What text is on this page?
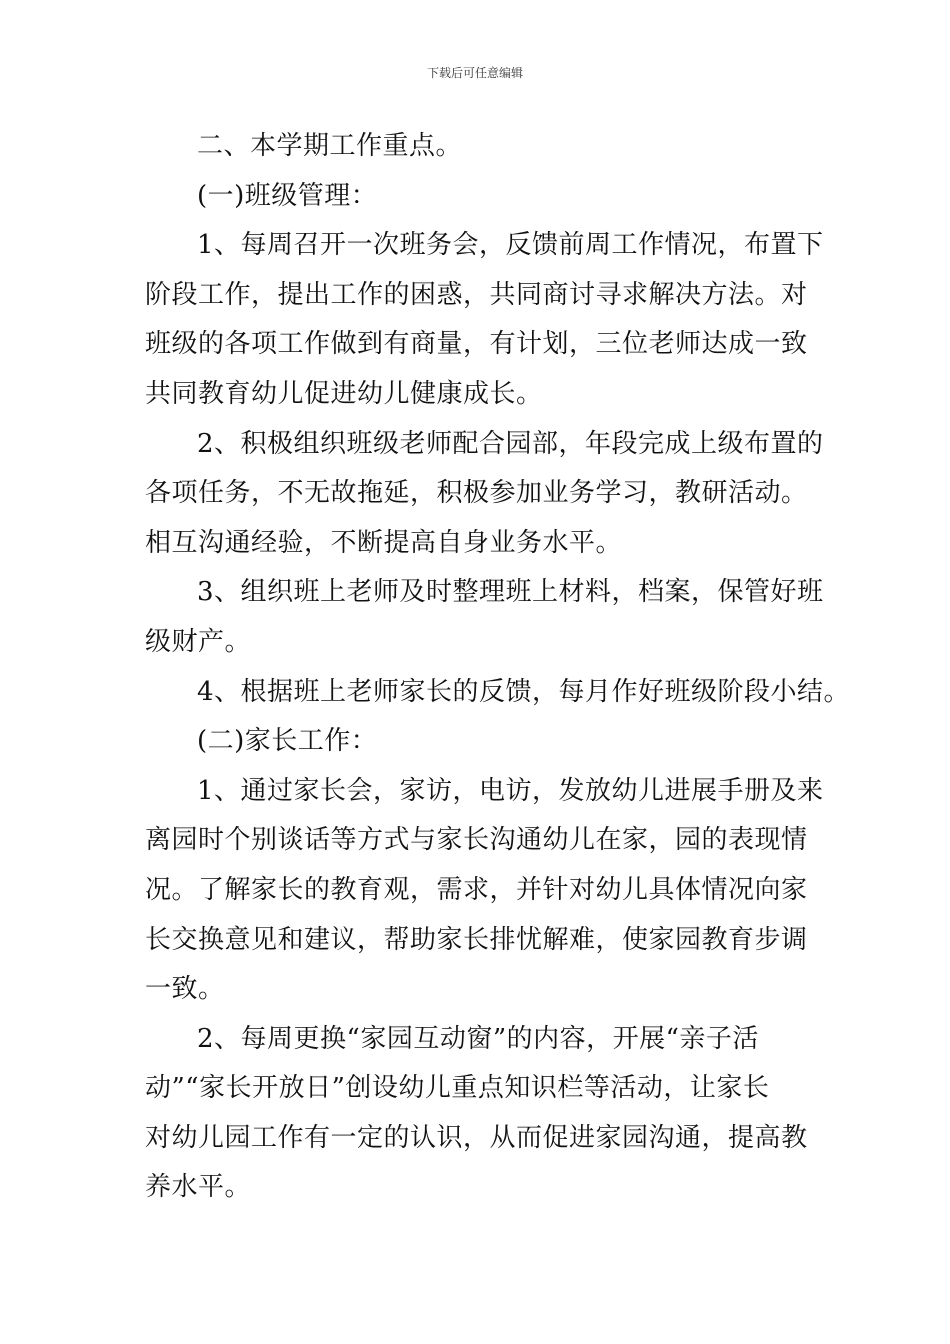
下载后可任意编辑
二、本学期工作重点。
(一)班级管理：
1、每周召开一次班务会，反馈前周工作情况，布置下
阶段工作，提出工作的困惑，共同商讨寻求解决方法。对
班级的各项工作做到有商量，有计划，三位老师达成一致
共同教育幼儿促进幼儿健康成长。
2、积极组织班级老师配合园部，年段完成上级布置的
各项任务，不无故拖延，积极参加业务学习，教研活动。
相互沟通经验，不断提高自身业务水平。
3、组织班上老师及时整理班上材料，档案，保管好班
级财产。
4、根据班上老师家长的反馈，每月作好班级阶段小结。
(二)家长工作：
1、通过家长会，家访，电访，发放幼儿进展手册及来
离园时个别谈话等方式与家长沟通幼儿在家，园的表现情
况。了解家长的教育观，需求，并针对幼儿具体情况向家
长交换意见和建议，帮助家长排忧解难，使家园教育步调
一致。
2、每周更换“家园互动窗”的内容，开展“亲子活
动”“家长开放日”创设幼儿重点知识栏等活动，让家长
对幼儿园工作有一定的认识，从而促进家园沟通，提高教
养水平。
